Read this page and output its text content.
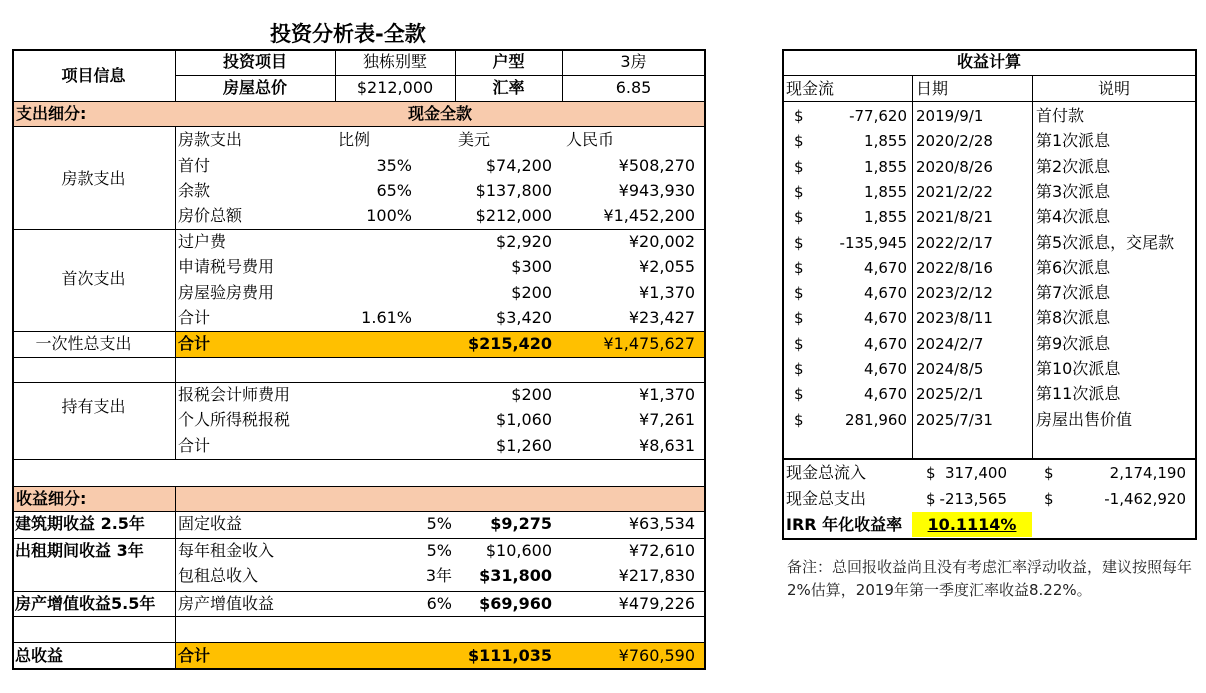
投资分析表-全款
项目信息
投资项目	独栋别墅	户型	3房
房屋总价	$212,000	汇率	6.85
支出细分:	现金全款
房款支出
房款支出	比例	美元	人民币
首付	35%	$74,200	¥508,270
余款	65%	$137,800	¥943,930
房价总额	100%	$212,000	¥1,452,200
首次支出
过户费	$2,920	¥20,002
申请税号费用	$300	¥2,055
房屋验房费用	$200	¥1,370
合计	1.61%	$3,420	¥23,427
一次性总支出	合计	$215,420	¥1,475,627
持有支出
报税会计师费用	$200	¥1,370
个人所得税报税	$1,060	¥7,261
合计	$1,260	¥8,631
收益细分:
建筑期收益 2.5年 固定收益	5%	$9,275	¥63,534
出租期间收益 3年 每年租金收入	5%	$10,600	¥72,610
包租总收入	3年	$31,800	¥217,830
房产增值收益5.5年 房产增值收益	6%	$69,960	¥479,226
总收益	合计	$111,035	¥760,590
收益计算
现金流	日期	说明
$	-77,620 2019/9/1	首付款
$	1,855 2020/2/28	第1次派息
$	1,855 2020/8/26	第2次派息
$	1,855 2021/2/22	第3次派息
$	1,855 2021/8/21	第4次派息
$	-135,945 2022/2/17	第5次派息，交尾款
$	4,670 2022/8/16	第6次派息
$	4,670 2023/2/12	第7次派息
$	4,670 2023/8/11	第8次派息
$	4,670 2024/2/7	第9次派息
$	4,670 2024/8/5	第10次派息
$	4,670 2025/2/1	第11次派息
$	281,960 2025/7/31	房屋出售价值
现金总流入	$ 317,400 $	2,174,190
现金总支出	$ -213,565 $	-1,462,920
IRR 年化收益率	10.1114%
备注：总回报收益尚且没有考虑汇率浮动收益，建议按照每年2%估算，2019年第一季度汇率收益8.22%。
